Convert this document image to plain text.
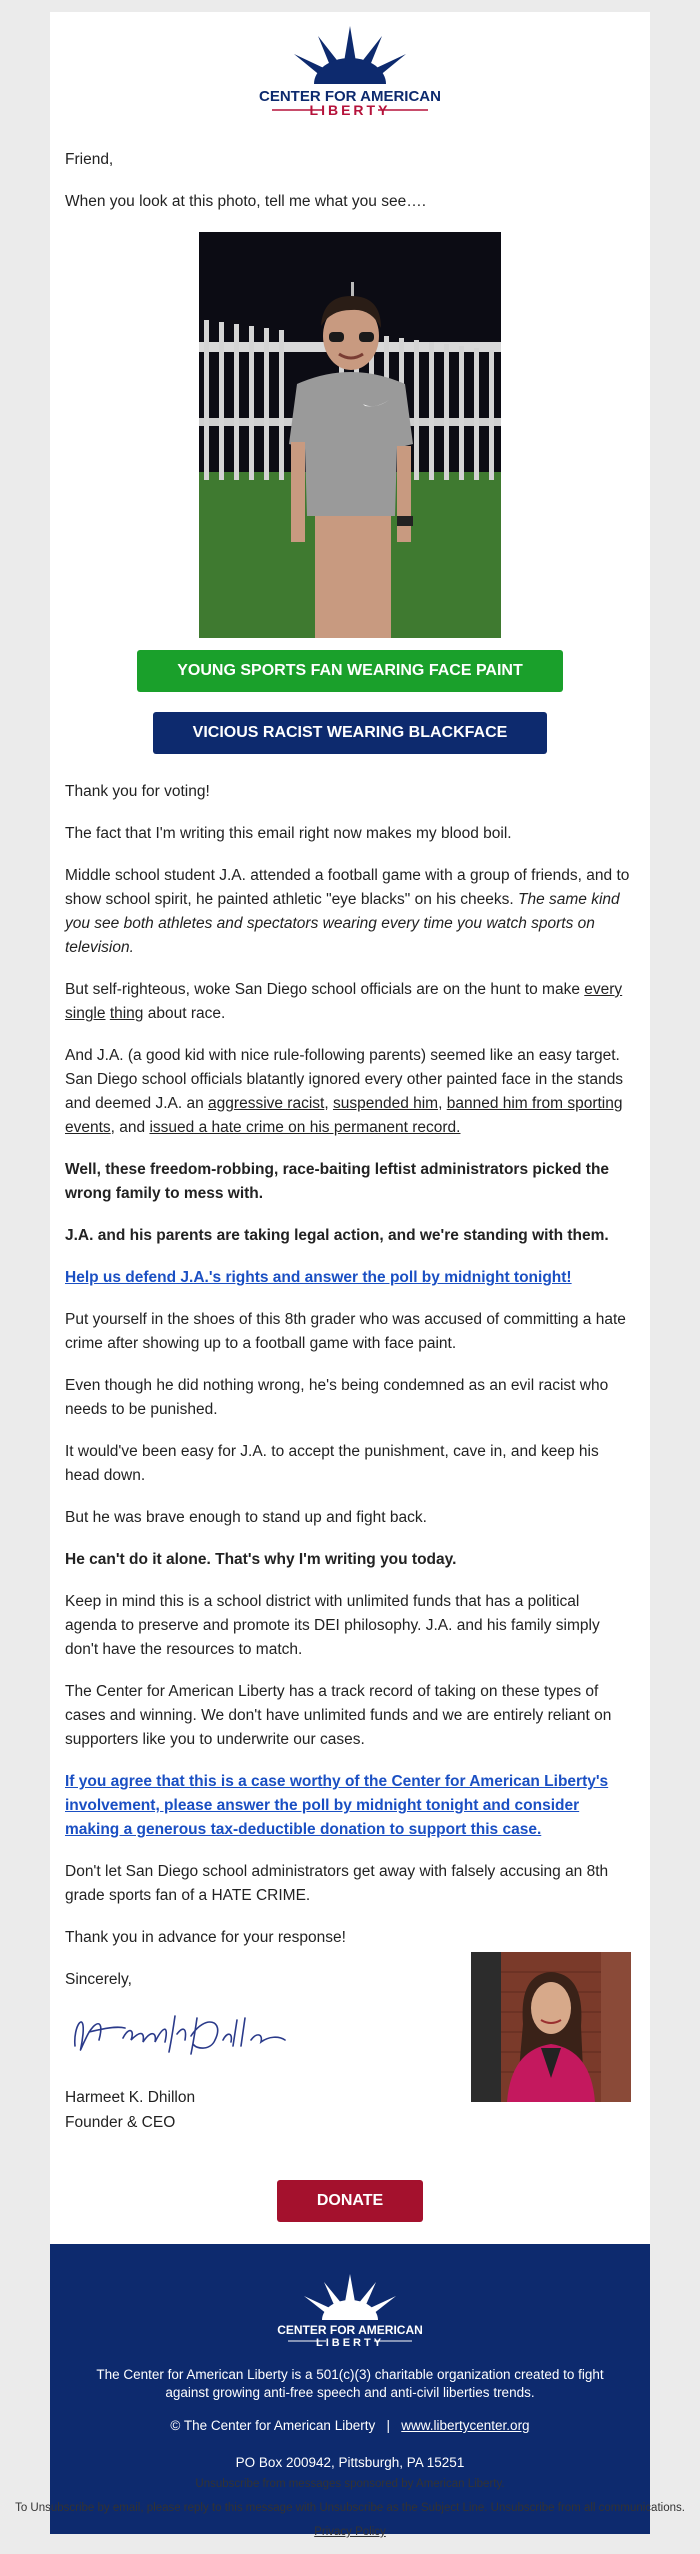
CENTER FOR AMERICAN
LIBERTY

Friend,

When you look at this photo, tell me what you see….

YOUNG SPORTS FAN WEARING FACE PAINT
VICIOUS RACIST WEARING BLACKFACE

Thank you for voting!

The fact that I'm writing this email right now makes my blood boil.

Middle school student J.A. attended a football game with a group of friends, and to show school spirit, he painted athletic "eye blacks" on his cheeks. The same kind you see both athletes and spectators wearing every time you watch sports on television.

But self-righteous, woke San Diego school officials are on the hunt to make every single thing about race.

And J.A. (a good kid with nice rule-following parents) seemed like an easy target. San Diego school officials blatantly ignored every other painted face in the stands and deemed J.A. an aggressive racist, suspended him, banned him from sporting events, and issued a hate crime on his permanent record.

Well, these freedom-robbing, race-baiting leftist administrators picked the wrong family to mess with.

J.A. and his parents are taking legal action, and we're standing with them.

Help us defend J.A.'s rights and answer the poll by midnight tonight!

Put yourself in the shoes of this 8th grader who was accused of committing a hate crime after showing up to a football game with face paint.

Even though he did nothing wrong, he's being condemned as an evil racist who needs to be punished.

It would've been easy for J.A. to accept the punishment, cave in, and keep his head down.

But he was brave enough to stand up and fight back.

He can't do it alone. That's why I'm writing you today.

Keep in mind this is a school district with unlimited funds that has a political agenda to preserve and promote its DEI philosophy. J.A. and his family simply don't have the resources to match.

The Center for American Liberty has a track record of taking on these types of cases and winning. We don't have unlimited funds and we are entirely reliant on supporters like you to underwrite our cases.

If you agree that this is a case worthy of the Center for American Liberty's involvement, please answer the poll by midnight tonight and consider making a generous tax-deductible donation to support this case.

Don't let San Diego school administrators get away with falsely accusing an 8th grade sports fan of a HATE CRIME.

Thank you in advance for your response!

Sincerely,

Harmeet K. Dhillon

Founder & CEO

DONATE
CENTER FOR AMERICAN
LIBERTY
The Center for American Liberty is a 501(c)(3) charitable organization created to fight against growing anti-free speech and anti-civil liberties trends.
© The Center for American Liberty | www.libertycenter.org
PO Box 200942, Pittsburgh, PA 15251
Unsubscribe from messages sponsored by American Liberty.
To Unsubscribe by email, please reply to this message with Unsubscribe as the Subject Line. Unsubscribe from all communications.
Privacy Policy
